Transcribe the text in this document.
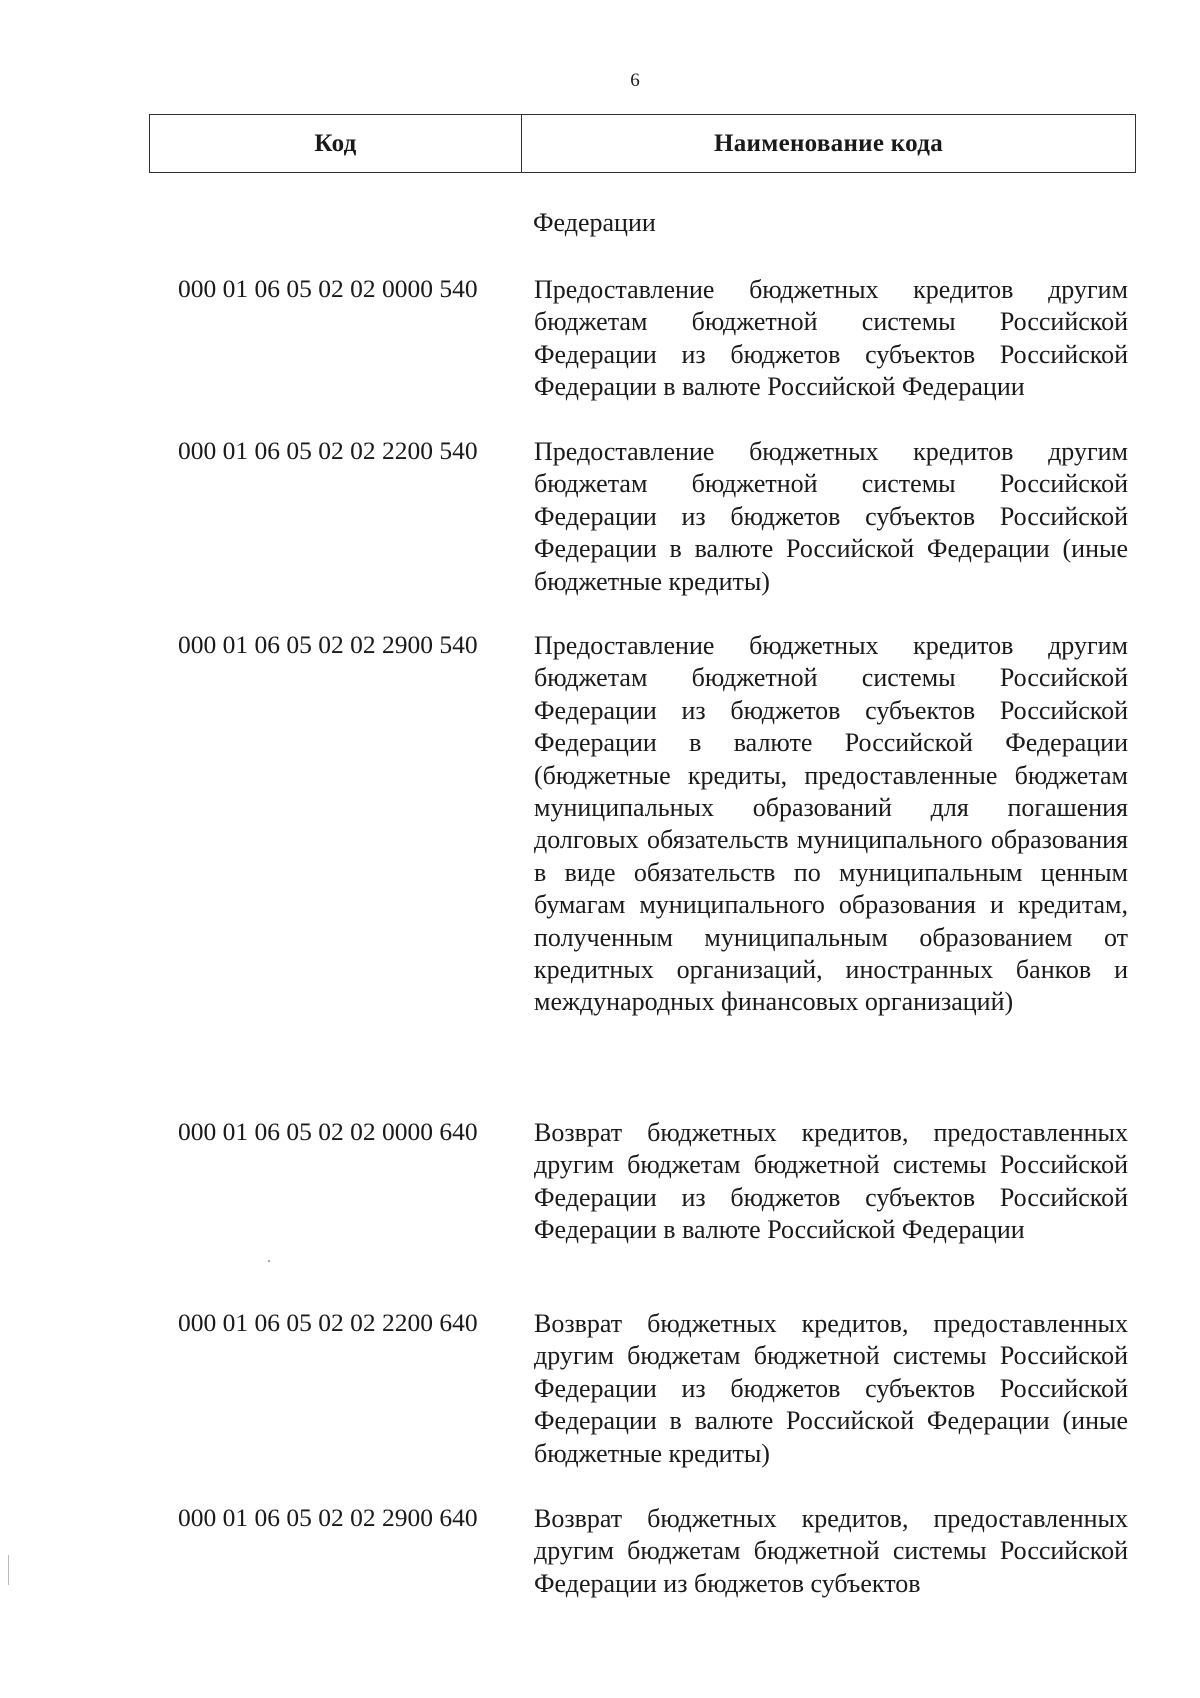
6
Код	Наименование кода
Федерации
000 01 06 05 02 02 0000 540 Предоставление бюджетных кредитов другим бюджетам бюджетной системы Российской Федерации из бюджетов субъектов Российской Федерации в валюте Российской Федерации
000 01 06 05 02 02 2200 540 Предоставление бюджетных кредитов другим бюджетам бюджетной системы Российской Федерации из бюджетов субъектов Российской Федерации в валюте Российской Федерации (иные бюджетные кредиты)
000 01 06 05 02 02 2900 540 Предоставление бюджетных кредитов другим бюджетам бюджетной системы Российской Федерации из бюджетов субъектов Российской Федерации в валюте Российской Федерации (бюджетные кредиты, предоставленные бюджетам муниципальных образований для погашения долговых обязательств муниципального образования в виде обязательств по муниципальным ценным бумагам муниципального образования и кредитам, полученным муниципальным образованием от кредитных организаций, иностранных банков и международных финансовых организаций)
000 01 06 05 02 02 0000 640 Возврат бюджетных кредитов, предоставленных другим бюджетам бюджетной системы Российской Федерации из бюджетов субъектов Российской Федерации в валюте Российской Федерации
000 01 06 05 02 02 2200 640 Возврат бюджетных кредитов, предоставленных другим бюджетам бюджетной системы Российской Федерации из бюджетов субъектов Российской Федерации в валюте Российской Федерации (иные бюджетные кредиты)
000 01 06 05 02 02 2900 640 Возврат бюджетных кредитов, предоставленных другим бюджетам бюджетной системы Российской Федерации из бюджетов субъектов
